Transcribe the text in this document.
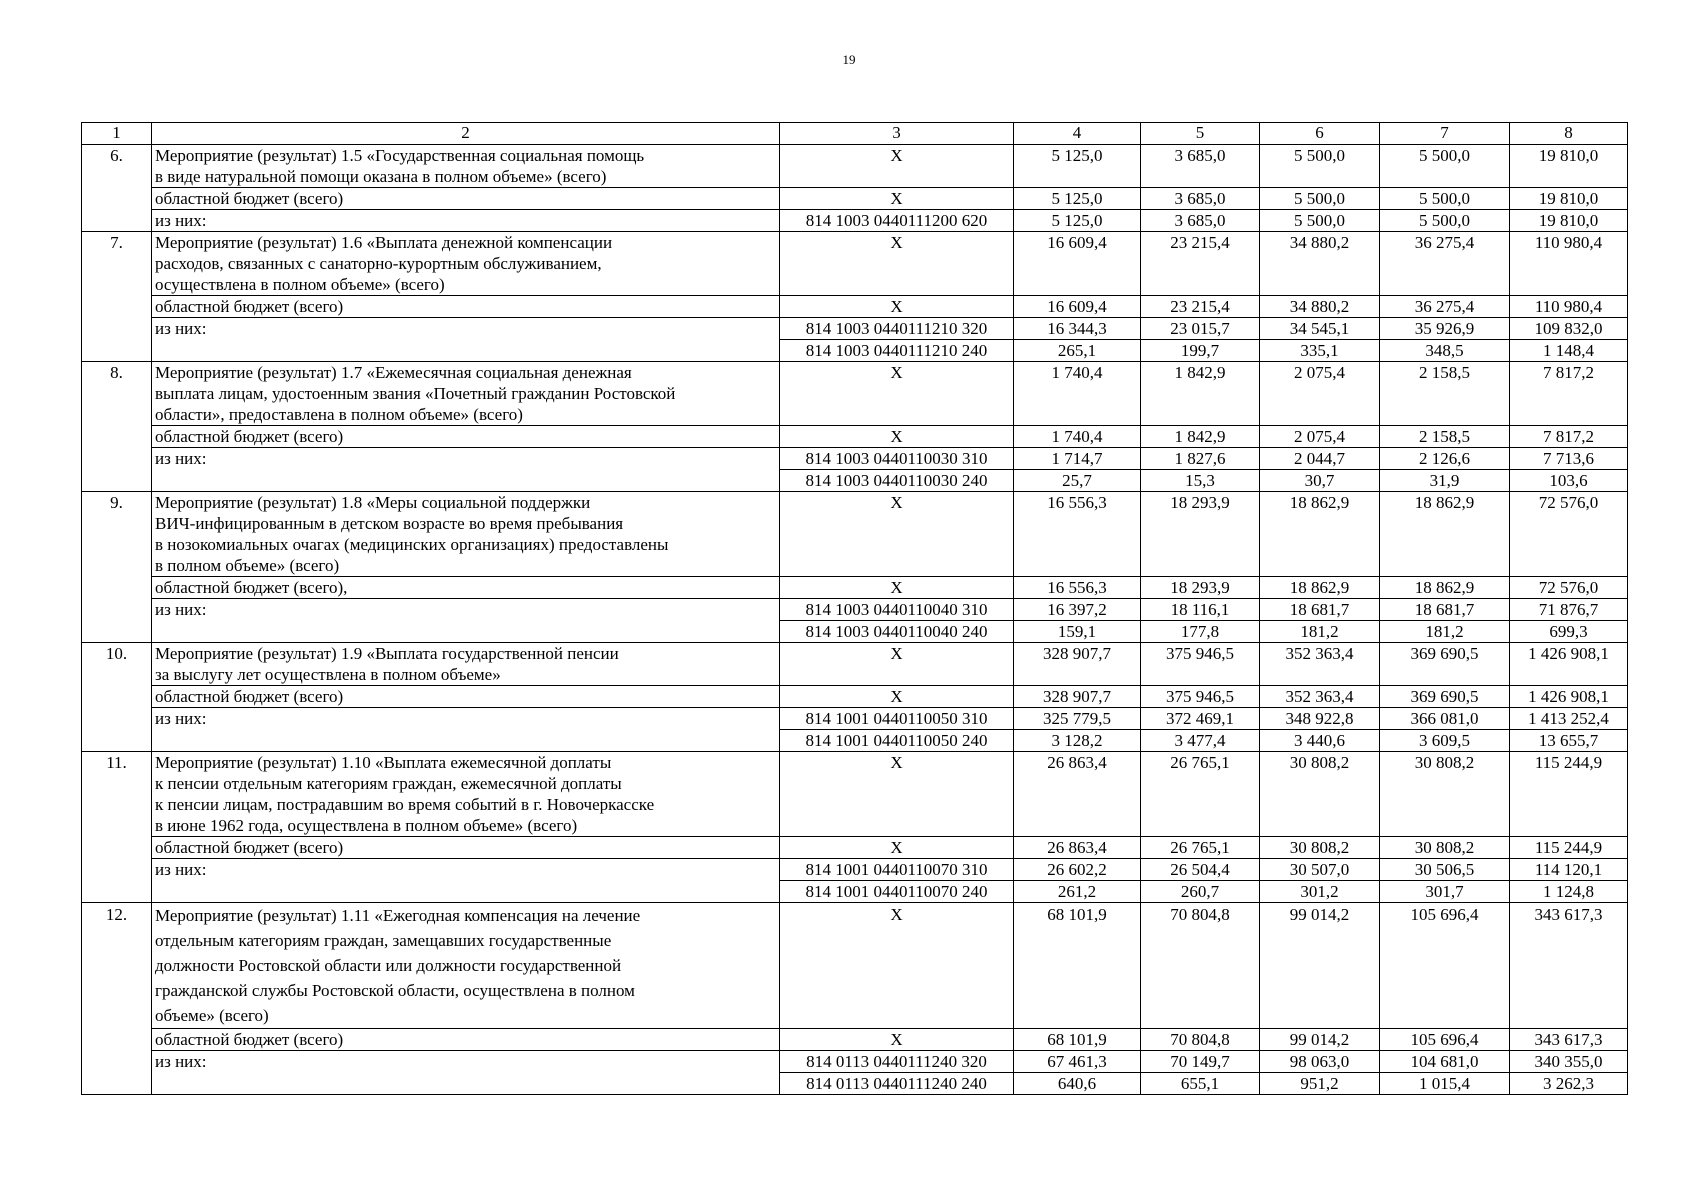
19
1	2	3	4	5	6	7	8
6.	Мероприятие (результат) 1.5 «Государственная социальная помощь
в виде натуральной помощи оказана в полном объеме» (всего)	X	5 125,0	3 685,0	5 500,0	5 500,0	19 810,0
	областной бюджет (всего)	X	5 125,0	3 685,0	5 500,0	5 500,0	19 810,0
	из них:	814 1003 0440111200 620	5 125,0	3 685,0	5 500,0	5 500,0	19 810,0
7.	Мероприятие (результат) 1.6 «Выплата денежной компенсации
расходов, связанных с санаторно-курортным обслуживанием,
осуществлена в полном объеме» (всего)	X	16 609,4	23 215,4	34 880,2	36 275,4	110 980,4
	областной бюджет (всего)	X	16 609,4	23 215,4	34 880,2	36 275,4	110 980,4
	из них:	814 1003 0440111210 320	16 344,3	23 015,7	34 545,1	35 926,9	109 832,0
		814 1003 0440111210 240	265,1	199,7	335,1	348,5	1 148,4
8.	Мероприятие (результат) 1.7 «Ежемесячная социальная денежная
выплата лицам, удостоенным звания «Почетный гражданин Ростовской
области», предоставлена в полном объеме» (всего)	X	1 740,4	1 842,9	2 075,4	2 158,5	7 817,2
	областной бюджет (всего)	X	1 740,4	1 842,9	2 075,4	2 158,5	7 817,2
	из них:	814 1003 0440110030 310	1 714,7	1 827,6	2 044,7	2 126,6	7 713,6
		814 1003 0440110030 240	25,7	15,3	30,7	31,9	103,6
9.	Мероприятие (результат) 1.8 «Меры социальной поддержки
ВИЧ-инфицированным в детском возрасте во время пребывания
в нозокомиальных очагах (медицинских организациях) предоставлены
в полном объеме» (всего)	X	16 556,3	18 293,9	18 862,9	18 862,9	72 576,0
	областной бюджет (всего),	X	16 556,3	18 293,9	18 862,9	18 862,9	72 576,0
	из них:	814 1003 0440110040 310	16 397,2	18 116,1	18 681,7	18 681,7	71 876,7
		814 1003 0440110040 240	159,1	177,8	181,2	181,2	699,3
10.	Мероприятие (результат) 1.9 «Выплата государственной пенсии
за выслугу лет осуществлена в полном объеме»	X	328 907,7	375 946,5	352 363,4	369 690,5	1 426 908,1
	областной бюджет (всего)	X	328 907,7	375 946,5	352 363,4	369 690,5	1 426 908,1
	из них:	814 1001 0440110050 310	325 779,5	372 469,1	348 922,8	366 081,0	1 413 252,4
		814 1001 0440110050 240	3 128,2	3 477,4	3 440,6	3 609,5	13 655,7
11.	Мероприятие (результат) 1.10 «Выплата ежемесячной доплаты
к пенсии отдельным категориям граждан, ежемесячной доплаты
к пенсии лицам, пострадавшим во время событий в г. Новочеркасске
в июне 1962 года, осуществлена в полном объеме» (всего)	X	26 863,4	26 765,1	30 808,2	30 808,2	115 244,9
	областной бюджет (всего)	X	26 863,4	26 765,1	30 808,2	30 808,2	115 244,9
	из них:	814 1001 0440110070 310	26 602,2	26 504,4	30 507,0	30 506,5	114 120,1
		814 1001 0440110070 240	261,2	260,7	301,2	301,7	1 124,8
12.	Мероприятие (результат) 1.11 «Ежегодная компенсация на лечение
отдельным категориям граждан, замещавших государственные
должности Ростовской области или должности государственной
гражданской службы Ростовской области, осуществлена в полном
объеме» (всего)	X	68 101,9	70 804,8	99 014,2	105 696,4	343 617,3
	областной бюджет (всего)	X	68 101,9	70 804,8	99 014,2	105 696,4	343 617,3
	из них:	814 0113 0440111240 320	67 461,3	70 149,7	98 063,0	104 681,0	340 355,0
		814 0113 0440111240 240	640,6	655,1	951,2	1 015,4	3 262,3
